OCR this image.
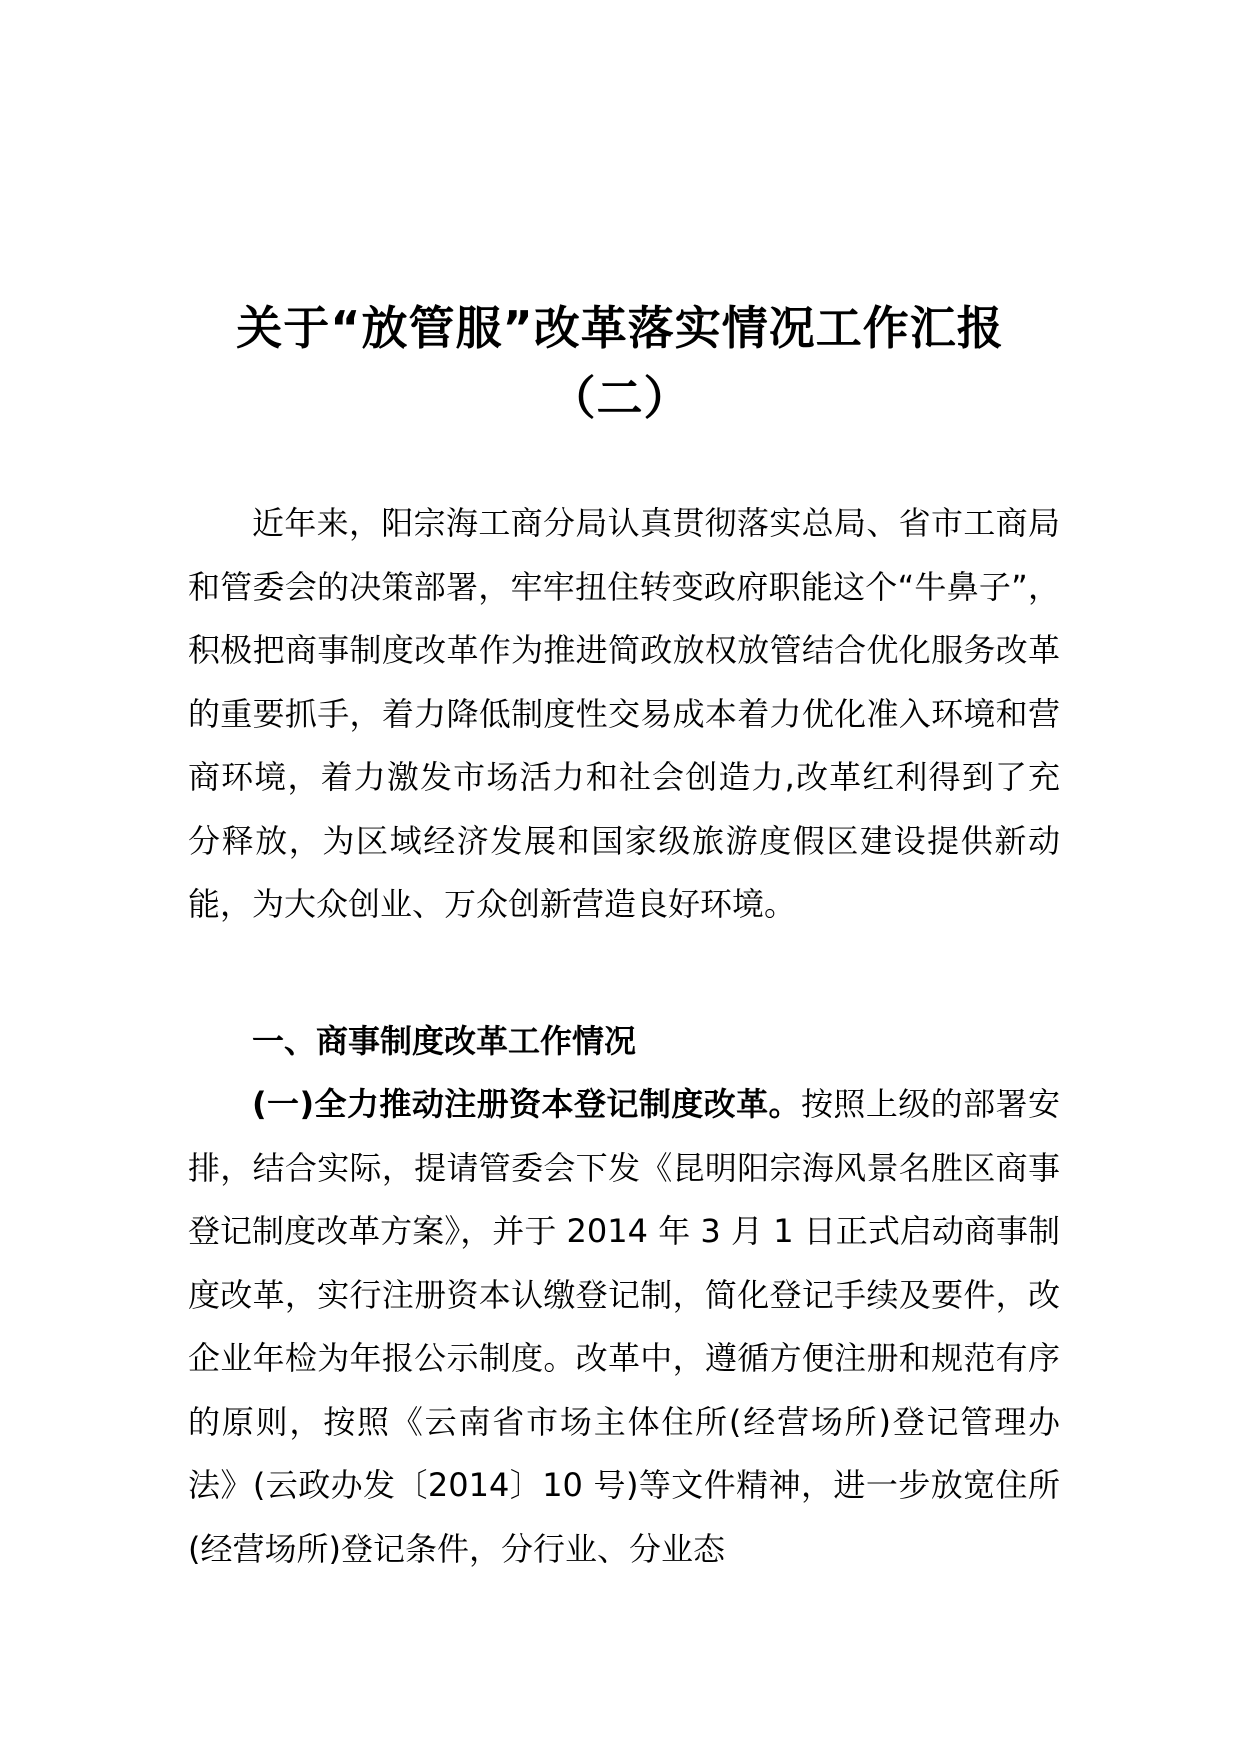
关于“放管服”改革落实情况工作汇报
（二）
近年来，阳宗海工商分局认真贯彻落实总局、省市工商局和管委会的决策部署，牢牢扭住转变政府职能这个“牛鼻子”，积极把商事制度改革作为推进简政放权放管结合优化服务改革的重要抓手，着力降低制度性交易成本着力优化准入环境和营商环境，着力激发市场活力和社会创造力,改革红利得到了充分释放，为区域经济发展和国家级旅游度假区建设提供新动能，为大众创业、万众创新营造良好环境。
一、商事制度改革工作情况
(一)全力推动注册资本登记制度改革。按照上级的部署安排，结合实际，提请管委会下发《昆明阳宗海风景名胜区商事登记制度改革方案》，并于 2014 年 3 月 1 日正式启动商事制度改革，实行注册资本认缴登记制，简化登记手续及要件，改企业年检为年报公示制度。改革中，遵循方便注册和规范有序的原则，按照《云南省市场主体住所(经营场所)登记管理办法》(云政办发〔2014〕10 号)等文件精神，进一步放宽住所(经营场所)登记条件，分行业、分业态
